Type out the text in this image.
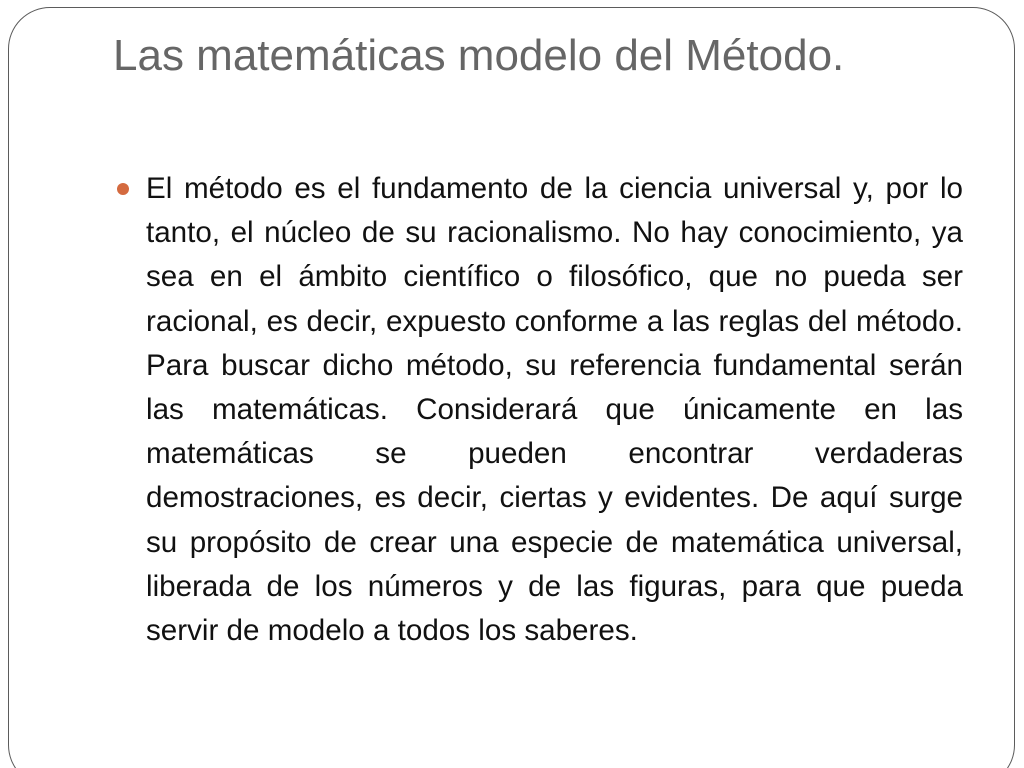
Las matemáticas modelo del Método.
El método es el fundamento de la ciencia universal y, por lo tanto, el núcleo de su racionalismo. No hay conocimiento, ya sea en el ámbito científico o filosófico, que no pueda ser racional, es decir, expuesto conforme a las reglas del método. Para buscar dicho método, su referencia fundamental serán las matemáticas. Considerará que únicamente en las matemáticas se pueden encontrar verdaderas demostraciones, es decir, ciertas y evidentes. De aquí surge su propósito de crear una especie de matemática universal, liberada de los números y de las figuras, para que pueda servir de modelo a todos los saberes.
